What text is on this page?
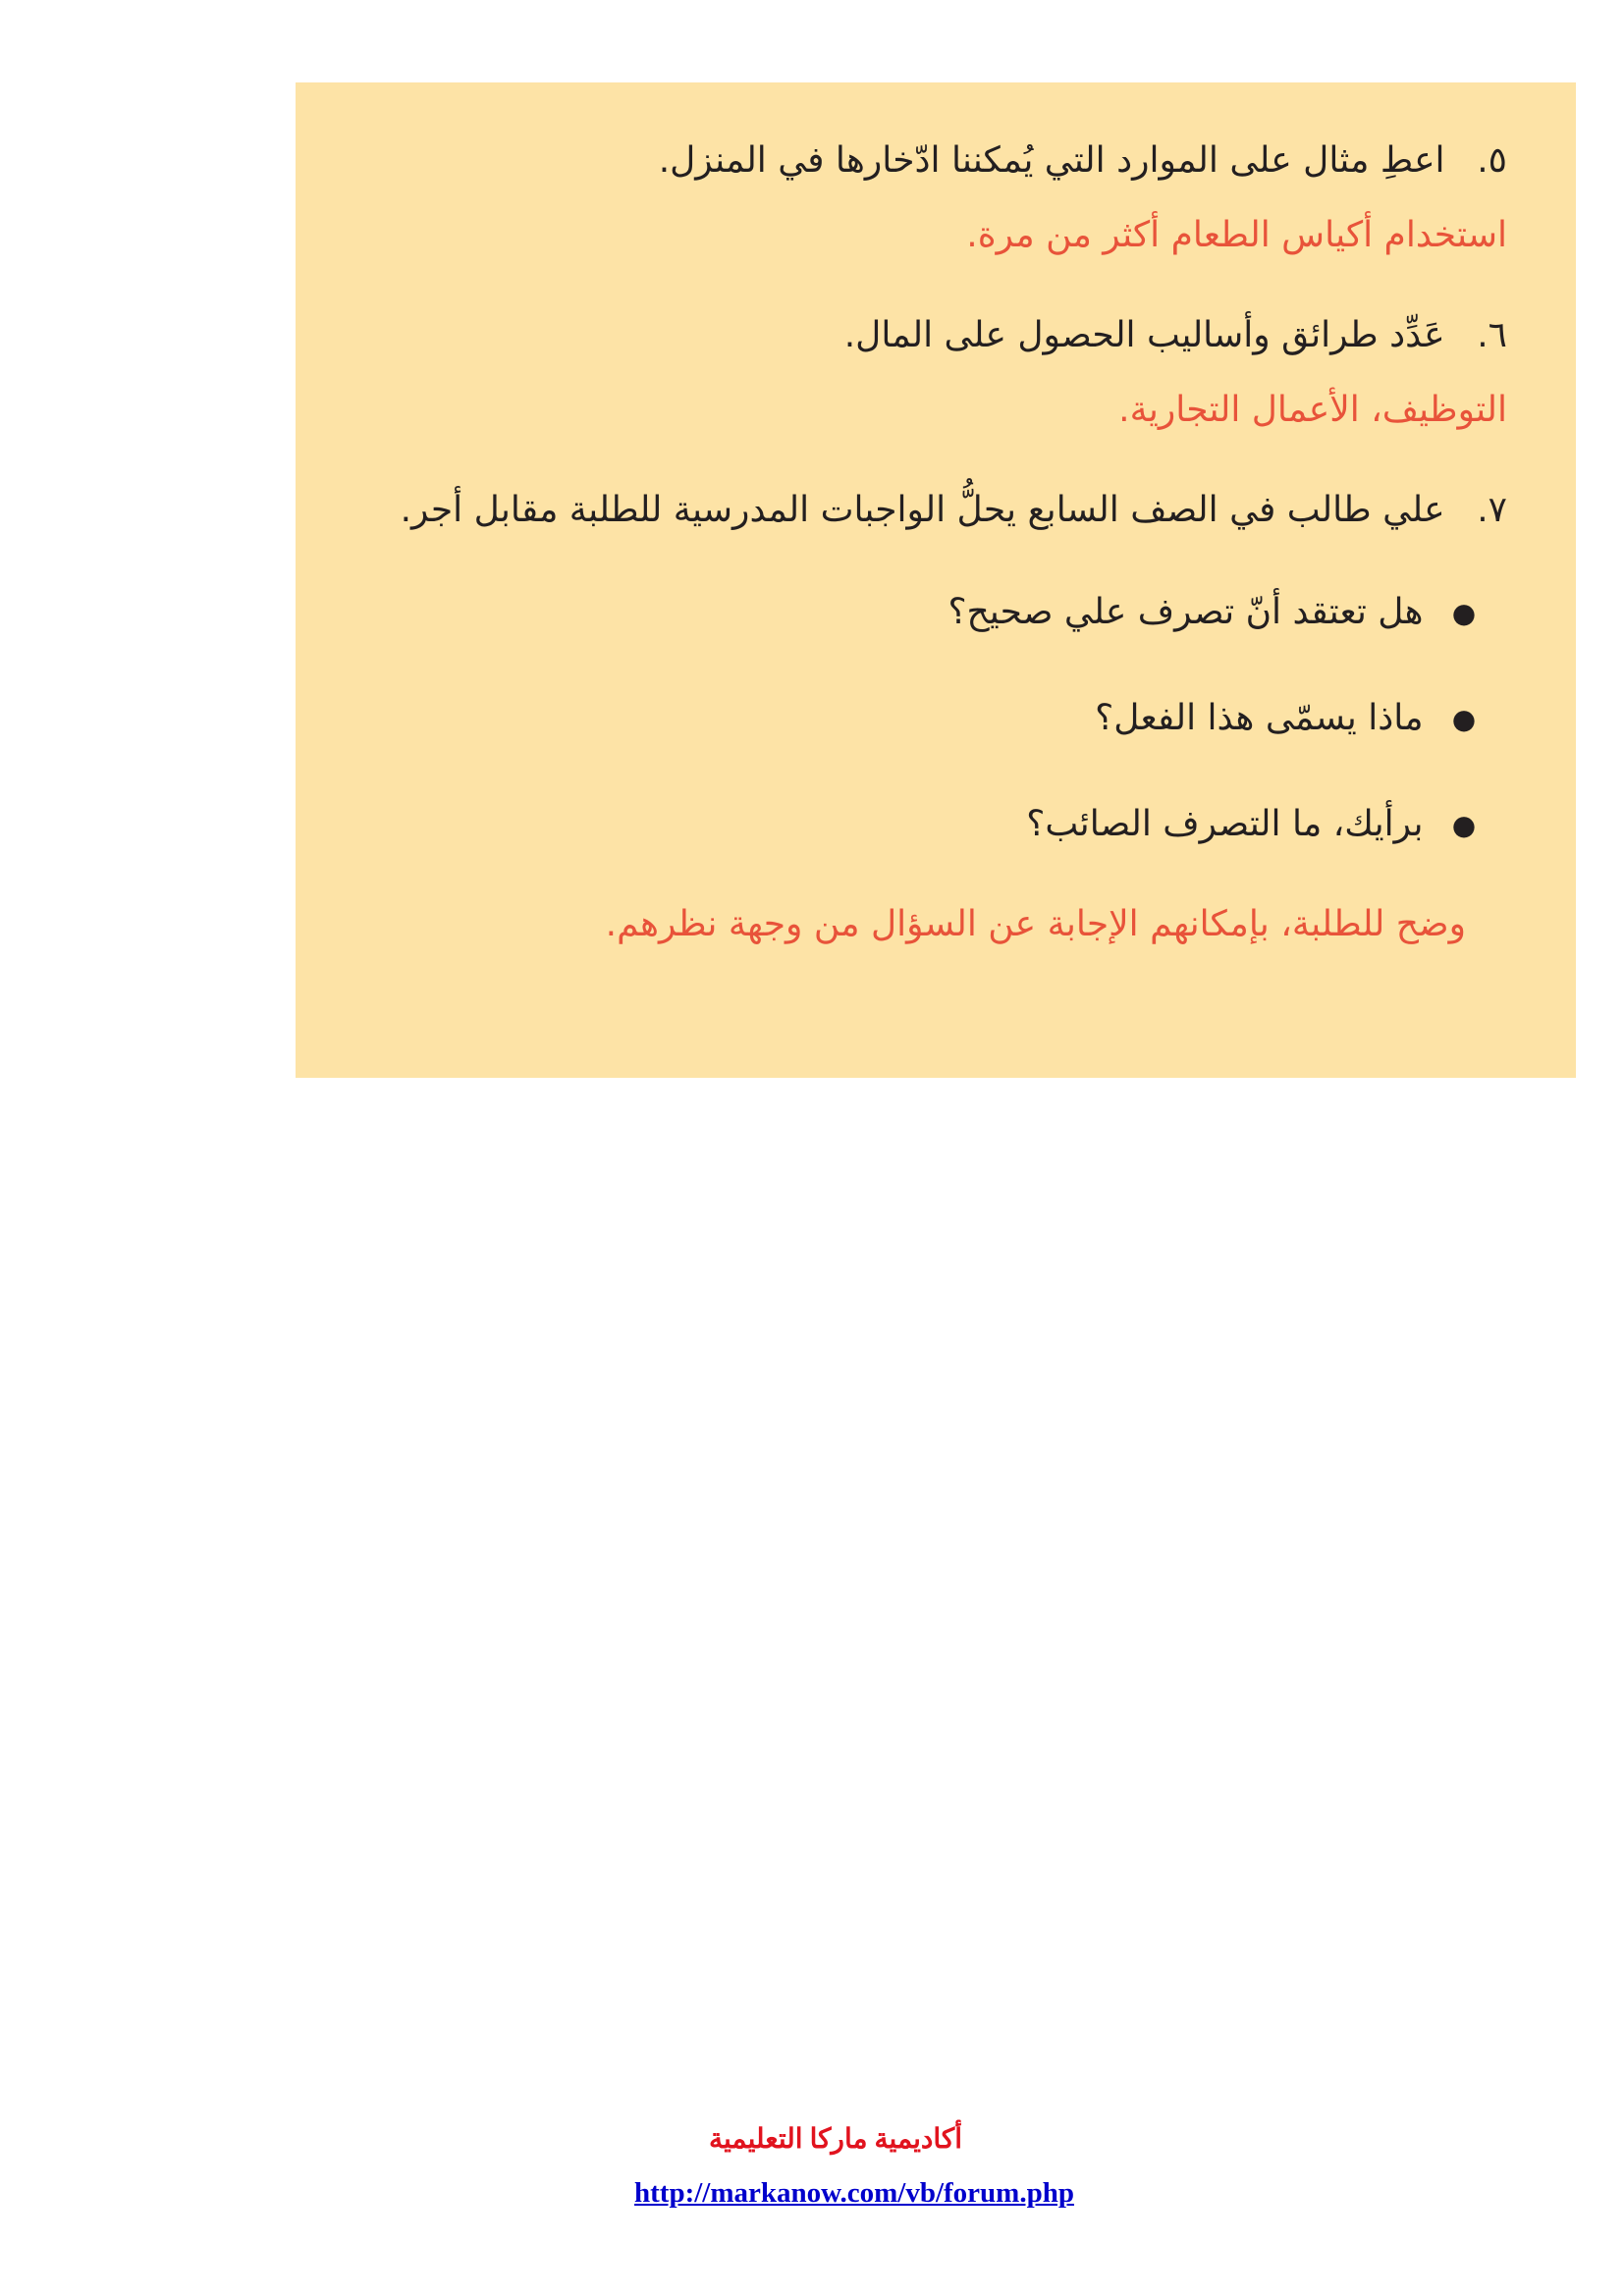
٥. اعطِ مثال على الموارد التي يُمكننا ادّخارها في المنزل.
استخدام أكياس الطعام أكثر من مرة.
٦. عَدِّد طرائق وأساليب الحصول على المال.
التوظيف، الأعمال التجارية.
٧. علي طالب في الصف السابع يحلُّ الواجبات المدرسية للطلبة مقابل أجر.
● هل تعتقد أنّ تصرف علي صحيح؟
● ماذا يسمّى هذا الفعل؟
● برأيك، ما التصرف الصائب؟
وضح للطلبة، بإمكانهم الإجابة عن السؤال من وجهة نظرهم.
أكاديمية ماركا التعليمية
http://markanow.com/vb/forum.php
